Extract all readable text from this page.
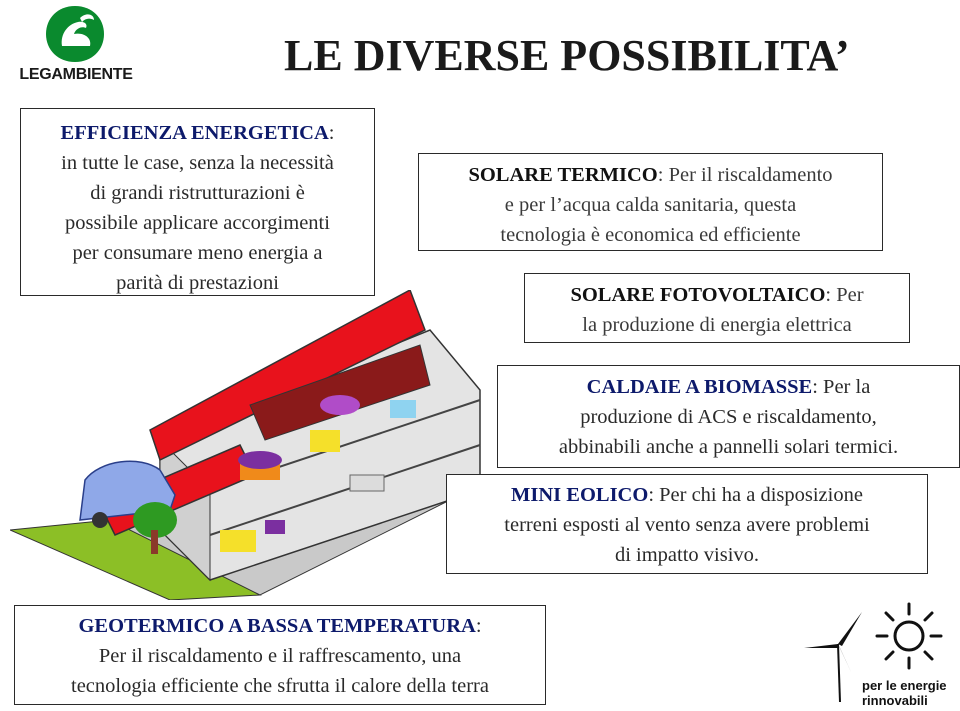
LEGAMBIENTE	LE DIVERSE POSSIBILITA’
EFFICIENZA ENERGETICA:
in tutte le case, senza la necessità
di grandi ristrutturazioni è
possibile applicare accorgimenti
per consumare meno energia a
parità di prestazioni
SOLARE TERMICO: Per il riscaldamento
e per l’acqua calda sanitaria, questa
tecnologia è economica ed efficiente
SOLARE FOTOVOLTAICO: Per
la produzione di energia elettrica
CALDAIE A BIOMASSE: Per la
produzione di ACS e riscaldamento,
abbinabili anche a pannelli solari termici.
MINI EOLICO: Per chi ha a disposizione
terreni esposti al vento senza avere problemi
di impatto visivo.
GEOTERMICO A BASSA TEMPERATURA:
Per il riscaldamento e il raffrescamento, una
tecnologia efficiente che sfrutta il calore della terra	per le energie
rinnovabili
